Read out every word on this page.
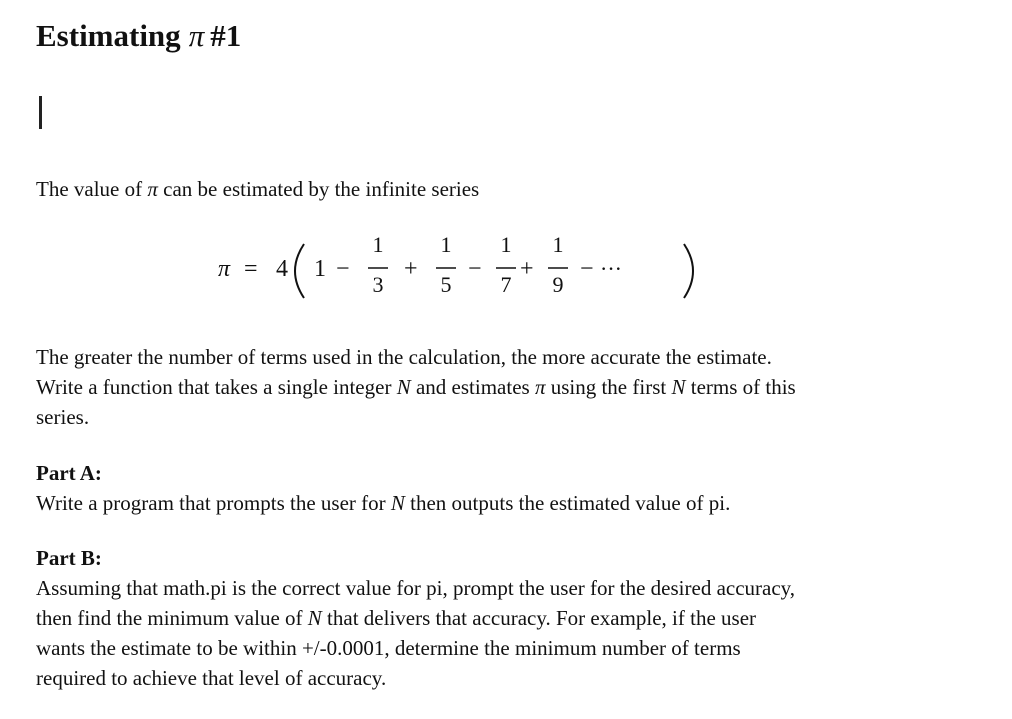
Estimating π #1
The value of π can be estimated by the infinite series
π = 4 1 −
1
3
+
1
5
−
1
7
+
1
9
− ···
The greater the number of terms used in the calculation, the more accurate the estimate.
Write a function that takes a single integer N and estimates π using the first N terms of this
series.
Part A:
Write a program that prompts the user for N then outputs the estimated value of pi.
Part B:
Assuming that math.pi is the correct value for pi, prompt the user for the desired accuracy,
then find the minimum value of N that delivers that accuracy. For example, if the user
wants the estimate to be within +/-0.0001, determine the minimum number of terms
required to achieve that level of accuracy.
